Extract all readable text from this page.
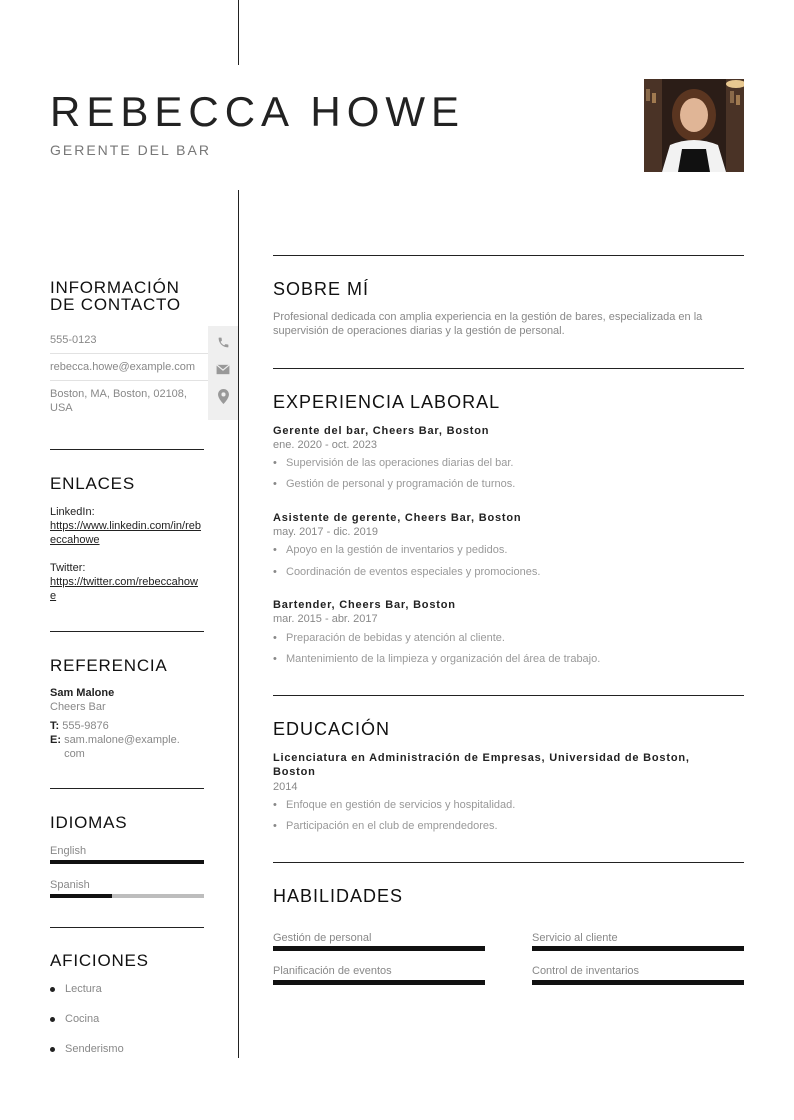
REBECCA HOWE
GERENTE DEL BAR
INFORMACIÓN
DE CONTACTO
555-0123
rebecca.howe@example.com
Boston, MA, Boston, 02108, USA
ENLACES
LinkedIn:
https://www.linkedin.com/in/rebeccahowe
Twitter:
https://twitter.com/rebeccahowe
REFERENCIA
Sam Malone
Cheers Bar
T: 555-9876
E: sam.malone@example.com
IDIOMAS
English
Spanish
AFICIONES
Lectura
Cocina
Senderismo
SOBRE MÍ
Profesional dedicada con amplia experiencia en la gestión de bares, especializada en la supervisión de operaciones diarias y la gestión de personal.
EXPERIENCIA LABORAL
Gerente del bar, Cheers Bar, Boston
ene. 2020 - oct. 2023
• Supervisión de las operaciones diarias del bar.
• Gestión de personal y programación de turnos.
Asistente de gerente, Cheers Bar, Boston
may. 2017 - dic. 2019
• Apoyo en la gestión de inventarios y pedidos.
• Coordinación de eventos especiales y promociones.
Bartender, Cheers Bar, Boston
mar. 2015 - abr. 2017
• Preparación de bebidas y atención al cliente.
• Mantenimiento de la limpieza y organización del área de trabajo.
EDUCACIÓN
Licenciatura en Administración de Empresas, Universidad de Boston, Boston
2014
• Enfoque en gestión de servicios y hospitalidad.
• Participación en el club de emprendedores.
HABILIDADES
Gestión de personal	Servicio al cliente
Planificación de eventos	Control de inventarios
